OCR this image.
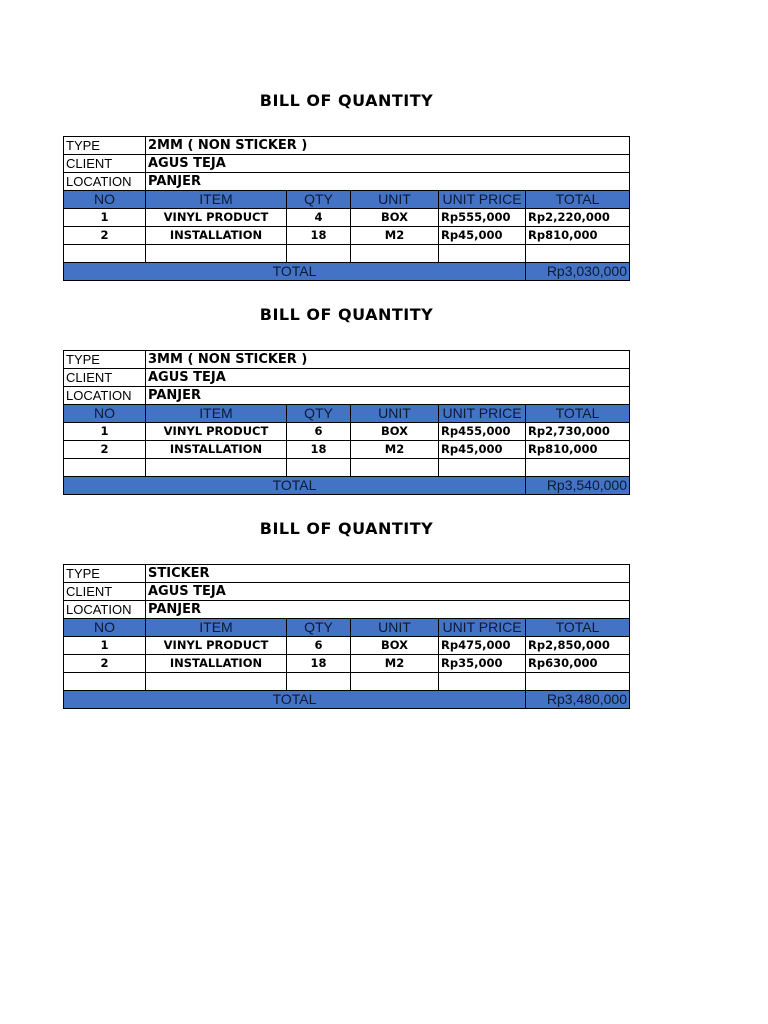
BILL OF QUANTITY
TYPE	2MM ( NON STICKER )				
CLIENT	AGUS TEJA				
LOCATION	PANJER				
NO	ITEM	QTY	UNIT	UNIT PRICE	TOTAL
1	VINYL PRODUCT	4	BOX	Rp555,000	Rp2,220,000
2	INSTALLATION	18	M2	Rp45,000	Rp810,000

TOTAL					Rp3,030,000
BILL OF QUANTITY
TYPE	3MM ( NON STICKER )				
CLIENT	AGUS TEJA				
LOCATION	PANJER				
NO	ITEM	QTY	UNIT	UNIT PRICE	TOTAL
1	VINYL PRODUCT	6	BOX	Rp455,000	Rp2,730,000
2	INSTALLATION	18	M2	Rp45,000	Rp810,000

TOTAL					Rp3,540,000
BILL OF QUANTITY
TYPE	STICKER				
CLIENT	AGUS TEJA				
LOCATION	PANJER				
NO	ITEM	QTY	UNIT	UNIT PRICE	TOTAL
1	VINYL PRODUCT	6	BOX	Rp475,000	Rp2,850,000
2	INSTALLATION	18	M2	Rp35,000	Rp630,000

TOTAL					Rp3,480,000
